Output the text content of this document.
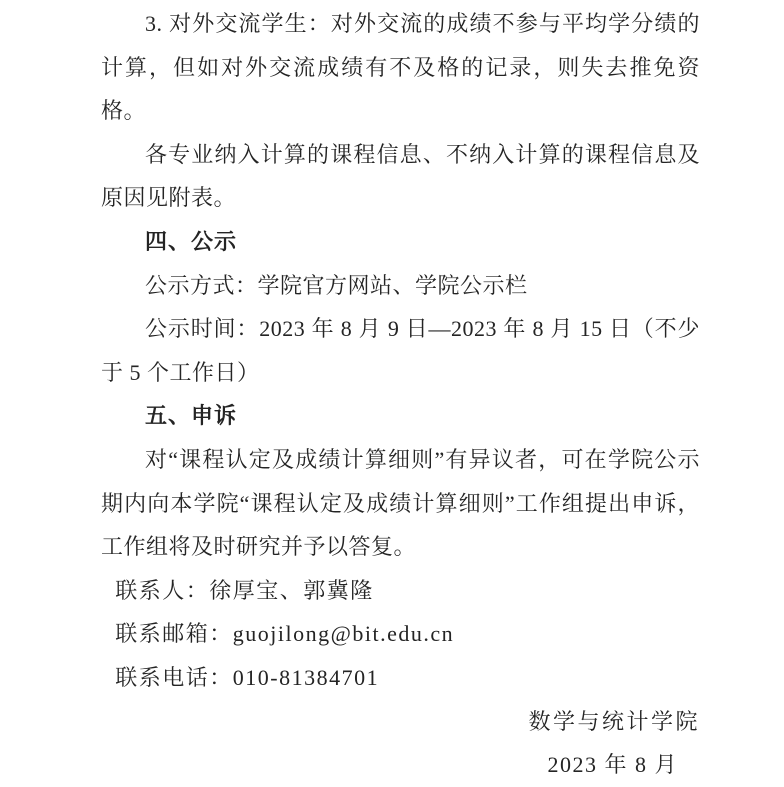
3. 对外交流学生：对外交流的成绩不参与平均学分绩的计算，但如对外交流成绩有不及格的记录，则失去推免资格。

各专业纳入计算的课程信息、不纳入计算的课程信息及原因见附表。

四、公示

公示方式：学院官方网站、学院公示栏

公示时间：2023 年 8 月 9 日—2023 年 8 月 15 日（不少于 5 个工作日）

五、申诉

对“课程认定及成绩计算细则”有异议者，可在学院公示期内向本学院“课程认定及成绩计算细则”工作组提出申诉，工作组将及时研究并予以答复。

联系人：徐厚宝、郭冀隆

联系邮箱：guojilong@bit.edu.cn

联系电话：010-81384701

数学与统计学院

2023 年 8 月
